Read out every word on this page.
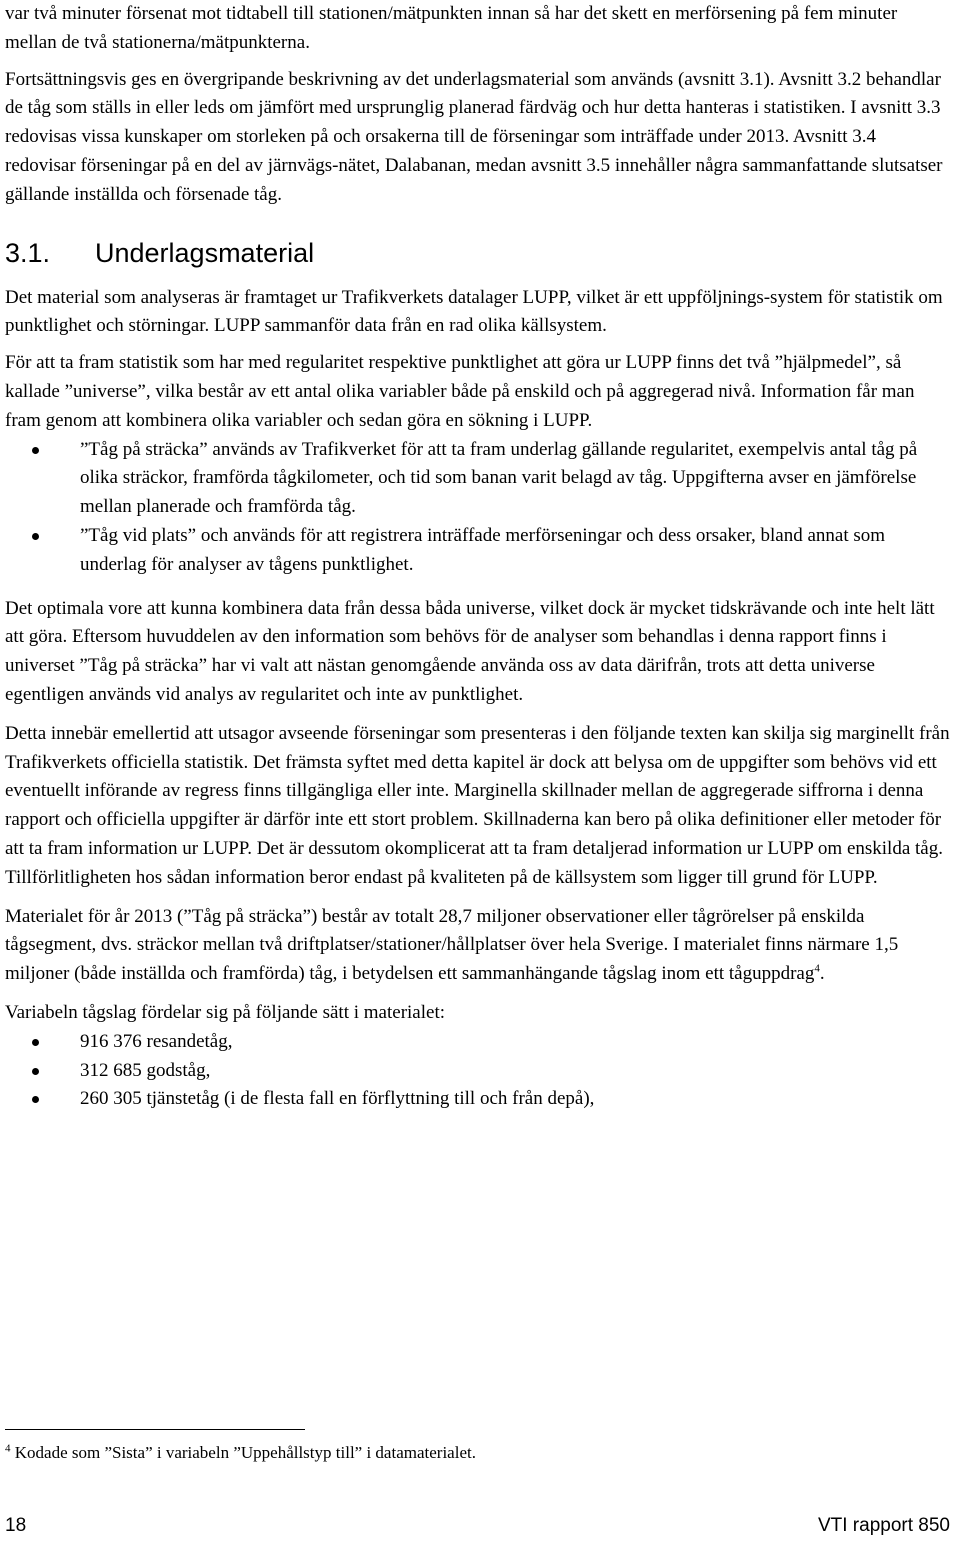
var två minuter försenat mot tidtabell till stationen/mätpunkten innan så har det skett en merförsening på fem minuter mellan de två stationerna/mätpunkterna.

Fortsättningsvis ges en övergripande beskrivning av det underlagsmaterial som används (avsnitt 3.1). Avsnitt 3.2 behandlar de tåg som ställs in eller leds om jämfört med ursprunglig planerad färdväg och hur detta hanteras i statistiken. I avsnitt 3.3 redovisas vissa kunskaper om storleken på och orsakerna till de förseningar som inträffade under 2013. Avsnitt 3.4 redovisar förseningar på en del av järnvägs-nätet, Dalabanan, medan avsnitt 3.5 innehåller några sammanfattande slutsatser gällande inställda och försenade tåg.

3.1.	Underlagsmaterial

Det material som analyseras är framtaget ur Trafikverkets datalager LUPP, vilket är ett uppföljnings-system för statistik om punktlighet och störningar. LUPP sammanför data från en rad olika källsystem.

För att ta fram statistik som har med regularitet respektive punktlighet att göra ur LUPP finns det två ”hjälpmedel”, så kallade ”universe”, vilka består av ett antal olika variabler både på enskild och på aggregerad nivå. Information får man fram genom att kombinera olika variabler och sedan göra en sökning i LUPP.

”Tåg på sträcka” används av Trafikverket för att ta fram underlag gällande regularitet, exempelvis antal tåg på olika sträckor, framförda tågkilometer, och tid som banan varit belagd av tåg. Uppgifterna avser en jämförelse mellan planerade och framförda tåg.
”Tåg vid plats” och används för att registrera inträffade merförseningar och dess orsaker, bland annat som underlag för analyser av tågens punktlighet.

Det optimala vore att kunna kombinera data från dessa båda universe, vilket dock är mycket tidskrävande och inte helt lätt att göra. Eftersom huvuddelen av den information som behövs för de analyser som behandlas i denna rapport finns i universet ”Tåg på sträcka” har vi valt att nästan genomgående använda oss av data därifrån, trots att detta universe egentligen används vid analys av regularitet och inte av punktlighet.

Detta innebär emellertid att utsagor avseende förseningar som presenteras i den följande texten kan skilja sig marginellt från Trafikverkets officiella statistik. Det främsta syftet med detta kapitel är dock att belysa om de uppgifter som behövs vid ett eventuellt införande av regress finns tillgängliga eller inte. Marginella skillnader mellan de aggregerade siffrorna i denna rapport och officiella uppgifter är därför inte ett stort problem. Skillnaderna kan bero på olika definitioner eller metoder för att ta fram information ur LUPP. Det är dessutom okomplicerat att ta fram detaljerad information ur LUPP om enskilda tåg. Tillförlitligheten hos sådan information beror endast på kvaliteten på de källsystem som ligger till grund för LUPP.

Materialet för år 2013 (”Tåg på sträcka”) består av totalt 28,7 miljoner observationer eller tågrörelser på enskilda tågsegment, dvs. sträckor mellan två driftplatser/stationer/hållplatser över hela Sverige. I materialet finns närmare 1,5 miljoner (både inställda och framförda) tåg, i betydelsen ett sammanhängande tågslag inom ett tåguppdrag$^4$.

Variabeln tågslag fördelar sig på följande sätt i materialet:

916 376 resandetåg,
312 685 godståg,
260 305 tjänstetåg (i de flesta fall en förflyttning till och från depå),
$^4$ Kodade som ”Sista” i variabeln ”Uppehållstyp till” i datamaterialet.
18	VTI rapport 850
